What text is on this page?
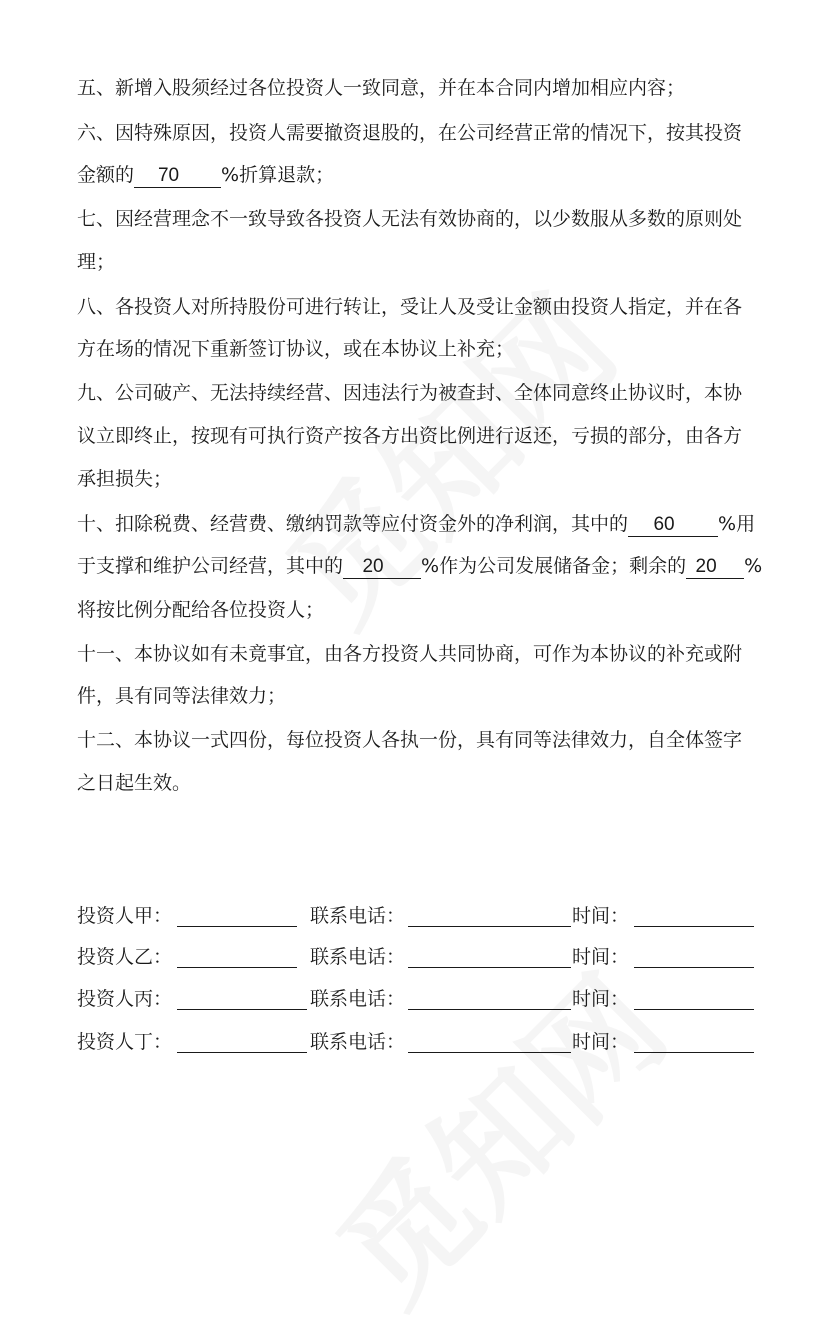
五、新增入股须经过各位投资人一致同意，并在本合同内增加相应内容；
六、因特殊原因，投资人需要撤资退股的，在公司经营正常的情况下，按其投资
金额的 70 %折算退款；
七、因经营理念不一致导致各投资人无法有效协商的，以少数服从多数的原则处
理；
八、各投资人对所持股份可进行转让，受让人及受让金额由投资人指定，并在各
方在场的情况下重新签订协议，或在本协议上补充；
九、公司破产、无法持续经营、因违法行为被查封、全体同意终止协议时，本协
议立即终止，按现有可执行资产按各方出资比例进行返还，亏损的部分，由各方
承担损失；
十、扣除税费、经营费、缴纳罚款等应付资金外的净利润，其中的 60 %用
于支撑和维护公司经营，其中的 20 %作为公司发展储备金；剩余的 20 %
将按比例分配给各位投资人；
十一、本协议如有未竟事宜，由各方投资人共同协商，可作为本协议的补充或附
件，具有同等法律效力；
十二、本协议一式四份，每位投资人各执一份，具有同等法律效力，自全体签字
之日起生效。
投资人甲：	联系电话：	时间：
投资人乙：	联系电话：	时间：
投资人丙：	联系电话：	时间：
投资人丁：	联系电话：	时间：
